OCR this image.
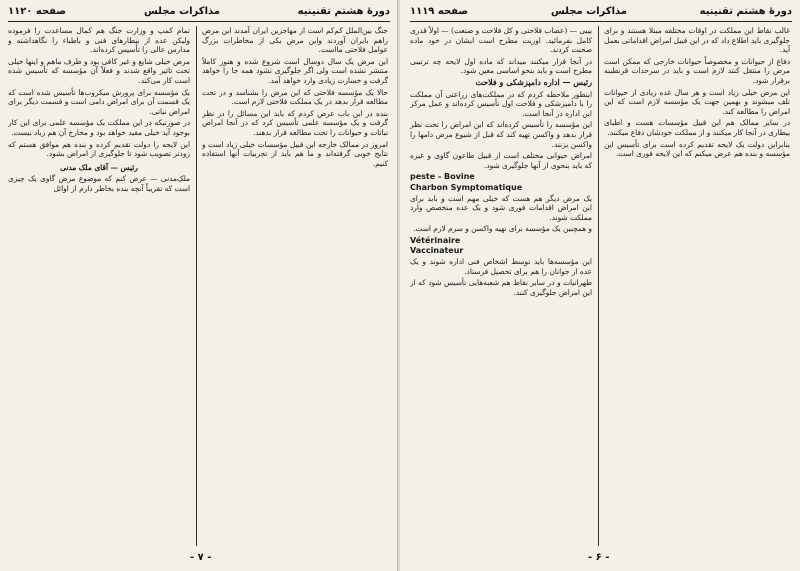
دورهٔ هشتم تقنینیه
مذاکرات مجلس
صفحه ۱۱۲۰

تمام کمپ و وزارت جنگ هم کمال مساعدت را فرموده ولیکن عده از بیطارهای فنی و باطباء را نگاهداشته و مدارس عالی را تأسیس کرده‌اند.

مرض خیلی شایع و غیر کافی بود و طرف ماهم و اینها خیلی تحت تاثیر واقع شدند و فعلاً آن مؤسسه که تأسیس شده است کار می‌کند.

یک مؤسسه برای پرورش میکروب‌ها تأسیس شده است که یک قسمت آن برای امراض دامی است و قسمت دیگر برای امراض نباتی.

در صورتیکه در این مملکت یک مؤسسه علمی برای این کار بوجود آید خیلی مفید خواهد بود و مخارج آن هم زیاد نیست.

این لایحه را دولت تقدیم کرده و بنده هم موافق هستم که زودتر تصویب شود تا جلوگیری از امراض بشود.

رئیس — آقای ملک مدنی

ملک‌مدنی — عرض کنم که موضوع مرض گاوی یک چیزی است که تقریباً آنچه بنده بخاطر دارم از اوائل

جنگ بین‌الملل کم‌کم است از مهاجرین ایران آمدند این مرض راهم بایران آوردند واین مرض یکی از مخاطرات بزرگ عوامل فلاحتی مااست.

این مرض یک سال دوسال است شروع شده و هنوز کاملاً منتشر نشده است ولی اگر جلوگیری نشود همه جا را خواهد گرفت و خسارت زیادی وارد خواهد آمد.

حالا یک مؤسسه فلاحتی که این مرض را بشناسد و در تحت مطالعه قرار بدهد در یک مملکت فلاحتی لازم است.

بنده در این باب عرض کردم که باید این مسائل را در نظر گرفت و یک مؤسسه علمی تأسیس کرد که در آنجا امراض نباتات و حیوانات را تحت مطالعه قرار بدهند.

امروز در ممالک خارجه این قبیل مؤسسات خیلی زیاد است و نتایج خوبی گرفته‌اند و ما هم باید از تجربیات آنها استفاده کنیم.

- ۷ -
دورهٔ هشتم تقنینیه
مذاکرات مجلس
صفحه ۱۱۱۹

بیبی — (عضاب فلاحتی و کل فلاحت و صنعت) — اولاً قدری کامل بفرمائید. اوریت مطرح است ایشان در خود ماده صحبت کردند.

در آنجا قرار میکنند میداند که ماده اول لایحه چه ترتیبی مطرح است و باید بنحو اساسی معین شود.

رئیس — اداره دامپزشکی و فلاحت

اینطور ملاحظه کردم که در مملکت‌های زراعتی آن مملکت را با دامپزشکی و فلاحت اول تأسیس کرده‌اند و عمل مرکز این اداره در آنجا است.

این مؤسسه را تأسیس کرده‌اند که این امراض را تحت نظر قرار بدهد و واکسن تهیه کند که قبل از شیوع مرض دامها را واکسن بزنند.

امراض حیوانی مختلف است از قبیل طاعون گاوی و غیره که باید بنحوی از آنها جلوگیری شود.

peste - Bovine

Charbon Symptomatique

یک مرض دیگر هم هست که خیلی مهم است و باید برای این امراض اقدامات فوری شود و یک عده متخصص وارد مملکت شوند.

و همچنین یک مؤسسه برای تهیه واکسن و سرم لازم است.

Vétérinaire

Vaccinateur

این مؤسسه‌ها باید توسط اشخاص فنی اداره شوند و یک عده از جوانان را هم برای تحصیل فرستاد.

طهرانیات و در سایر نقاط هم شعبه‌هایی تأسیس شود که از این امراض جلوگیری کنند.

غالب نقاط این مملکت در اوقات مختلفه مبتلا هستند و برای جلوگیری باید اطلاع داد که در این قبیل امراض اقداماتی بعمل آید.

دفاع از حیوانات و مخصوصاً حیوانات خارجی که ممکن است مرض را منتقل کنند لازم است و باید در سرحدات قرنطینه برقرار شود.

این مرض خیلی زیاد است و هر سال عده زیادی از حیوانات تلف میشوند و بهمین جهت یک مؤسسه لازم است که این امراض را مطالعه کند.

در سایر ممالک هم این قبیل مؤسسات هست و اطبای بیطاری در آنجا کار میکنند و از مملکت خودشان دفاع میکنند.

بنابراین دولت یک لایحه تقدیم کرده است برای تأسیس این مؤسسه و بنده هم عرض میکنم که این لایحه فوری است.

- ۶ -
